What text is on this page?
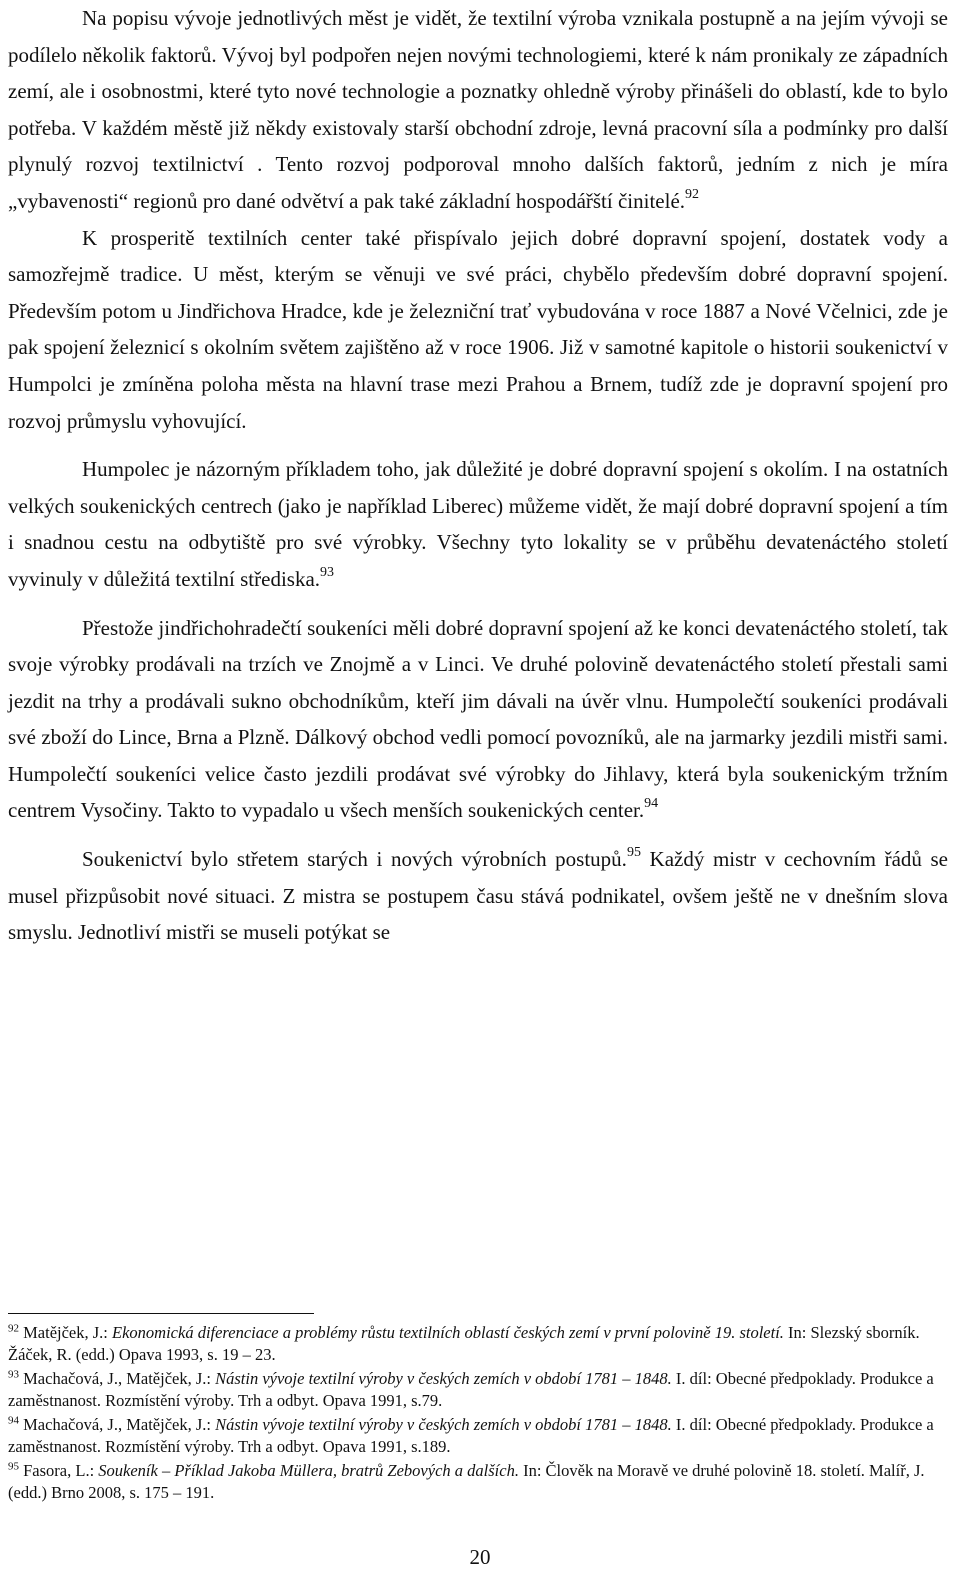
Na popisu vývoje jednotlivých měst je vidět, že textilní výroba vznikala postupně a na jejím vývoji se podílelo několik faktorů. Vývoj byl podpořen nejen novými technologiemi, které k nám pronikaly ze západních zemí, ale i osobnostmi, které tyto nové technologie a poznatky ohledně výroby přinášeli do oblastí, kde to bylo potřeba. V každém městě již někdy existovaly starší obchodní zdroje, levná pracovní síla a podmínky pro další plynulý rozvoj textilnictví . Tento rozvoj podporoval mnoho dalších faktorů, jedním z nich je míra „vybavenosti“ regionů pro dané odvětví a pak také základní hospodářští činitelé.$^{92}$

K prosperitě textilních center také přispívalo jejich dobré dopravní spojení, dostatek vody a samozřejmě tradice. U měst, kterým se věnuji ve své práci, chybělo především dobré dopravní spojení. Především potom u Jindřichova Hradce, kde je železniční trať vybudována v roce 1887 a Nové Včelnici, zde je pak spojení železnicí s okolním světem zajištěno až v roce 1906. Již v samotné kapitole o historii soukenictví v Humpolci je zmíněna poloha města na hlavní trase mezi Prahou a Brnem, tudíž zde je dopravní spojení pro rozvoj průmyslu vyhovující.

Humpolec je názorným příkladem toho, jak důležité je dobré dopravní spojení s okolím. I na ostatních velkých soukenických centrech (jako je například Liberec) můžeme vidět, že mají dobré dopravní spojení a tím i snadnou cestu na odbytiště pro své výrobky. Všechny tyto lokality se v průběhu devatenáctého století vyvinuly v důležitá textilní střediska.$^{93}$

Přestože jindřichohradečtí soukeníci měli dobré dopravní spojení až ke konci devatenáctého století, tak svoje výrobky prodávali na trzích ve Znojmě a v Linci. Ve druhé polovině devatenáctého století přestali sami jezdit na trhy a prodávali sukno obchodníkům, kteří jim dávali na úvěr vlnu. Humpolečtí soukeníci prodávali své zboží do Lince, Brna a Plzně. Dálkový obchod vedli pomocí povozníků, ale na jarmarky jezdili mistři sami. Humpolečtí soukeníci velice často jezdili prodávat své výrobky do Jihlavy, která byla soukenickým tržním centrem Vysočiny. Takto to vypadalo u všech menších soukenických center.$^{94}$

Soukenictví bylo střetem starých i nových výrobních postupů.$^{95}$ Každý mistr v cechovním řádů se musel přizpůsobit nové situaci. Z mistra se postupem času stává podnikatel, ovšem ještě ne v dnešním slova smyslu. Jednotliví mistři se museli potýkat se

$^{92}$ Matějček, J.: Ekonomická diferenciace a problémy růstu textilních oblastí českých zemí v první polovině 19. století. In: Slezský sborník. Žáček, R. (edd.) Opava 1993, s. 19 – 23.

$^{93}$ Machačová, J., Matějček, J.: Nástin vývoje textilní výroby v českých zemích v období 1781 – 1848. I. díl: Obecné předpoklady. Produkce a zaměstnanost. Rozmístění výroby. Trh a odbyt. Opava 1991, s.79.

$^{94}$ Machačová, J., Matějček, J.: Nástin vývoje textilní výroby v českých zemích v období 1781 – 1848. I. díl: Obecné předpoklady. Produkce a zaměstnanost. Rozmístění výroby. Trh a odbyt. Opava 1991, s.189.

$^{95}$ Fasora, L.: Soukeník – Příklad Jakoba Müllera, bratrů Zebových a dalších. In: Člověk na Moravě ve druhé polovině 18. století. Malíř, J. (edd.) Brno 2008, s. 175 – 191.

20
